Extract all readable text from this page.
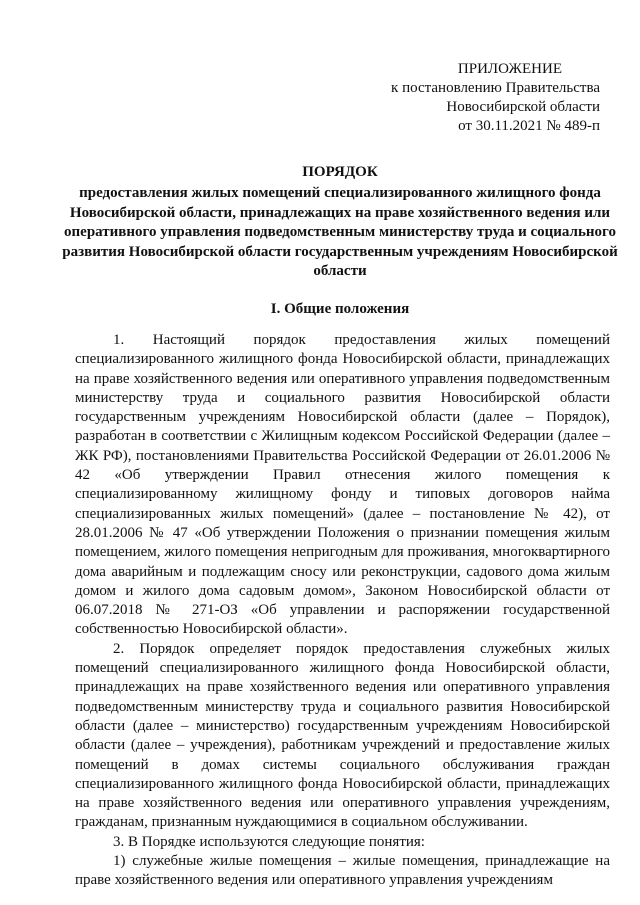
ПРИЛОЖЕНИЕ
к постановлению Правительства
Новосибирской области
от 30.11.2021 № 489-п
ПОРЯДОК
предоставления жилых помещений специализированного жилищного фонда Новосибирской области, принадлежащих на праве хозяйственного ведения или оперативного управления подведомственным министерству труда и социального развития Новосибирской области государственным учреждениям Новосибирской области
I. Общие положения

1. Настоящий порядок предоставления жилых помещений специализированного жилищного фонда Новосибирской области, принадлежащих на праве хозяйственного ведения или оперативного управления подведомственным министерству труда и социального развития Новосибирской области государственным учреждениям Новосибирской области (далее – Порядок), разработан в соответствии с Жилищным кодексом Российской Федерации (далее – ЖК РФ), постановлениями Правительства Российской Федерации от 26.01.2006 № 42 «Об утверждении Правил отнесения жилого помещения к специализированному жилищному фонду и типовых договоров найма специализированных жилых помещений» (далее – постановление № 42), от 28.01.2006 № 47 «Об утверждении Положения о признании помещения жилым помещением, жилого помещения непригодным для проживания, многоквартирного дома аварийным и подлежащим сносу или реконструкции, садового дома жилым домом и жилого дома садовым домом», Законом Новосибирской области от 06.07.2018 № 271-ОЗ «Об управлении и распоряжении государственной собственностью Новосибирской области».

2. Порядок определяет порядок предоставления служебных жилых помещений специализированного жилищного фонда Новосибирской области, принадлежащих на праве хозяйственного ведения или оперативного управления подведомственным министерству труда и социального развития Новосибирской области (далее – министерство) государственным учреждениям Новосибирской области (далее – учреждения), работникам учреждений и предоставление жилых помещений в домах системы социального обслуживания граждан специализированного жилищного фонда Новосибирской области, принадлежащих на праве хозяйственного ведения или оперативного управления учреждениям, гражданам, признанным нуждающимися в социальном обслуживании.

3. В Порядке используются следующие понятия:

1) служебные жилые помещения – жилые помещения, принадлежащие на праве хозяйственного ведения или оперативного управления учреждениям
